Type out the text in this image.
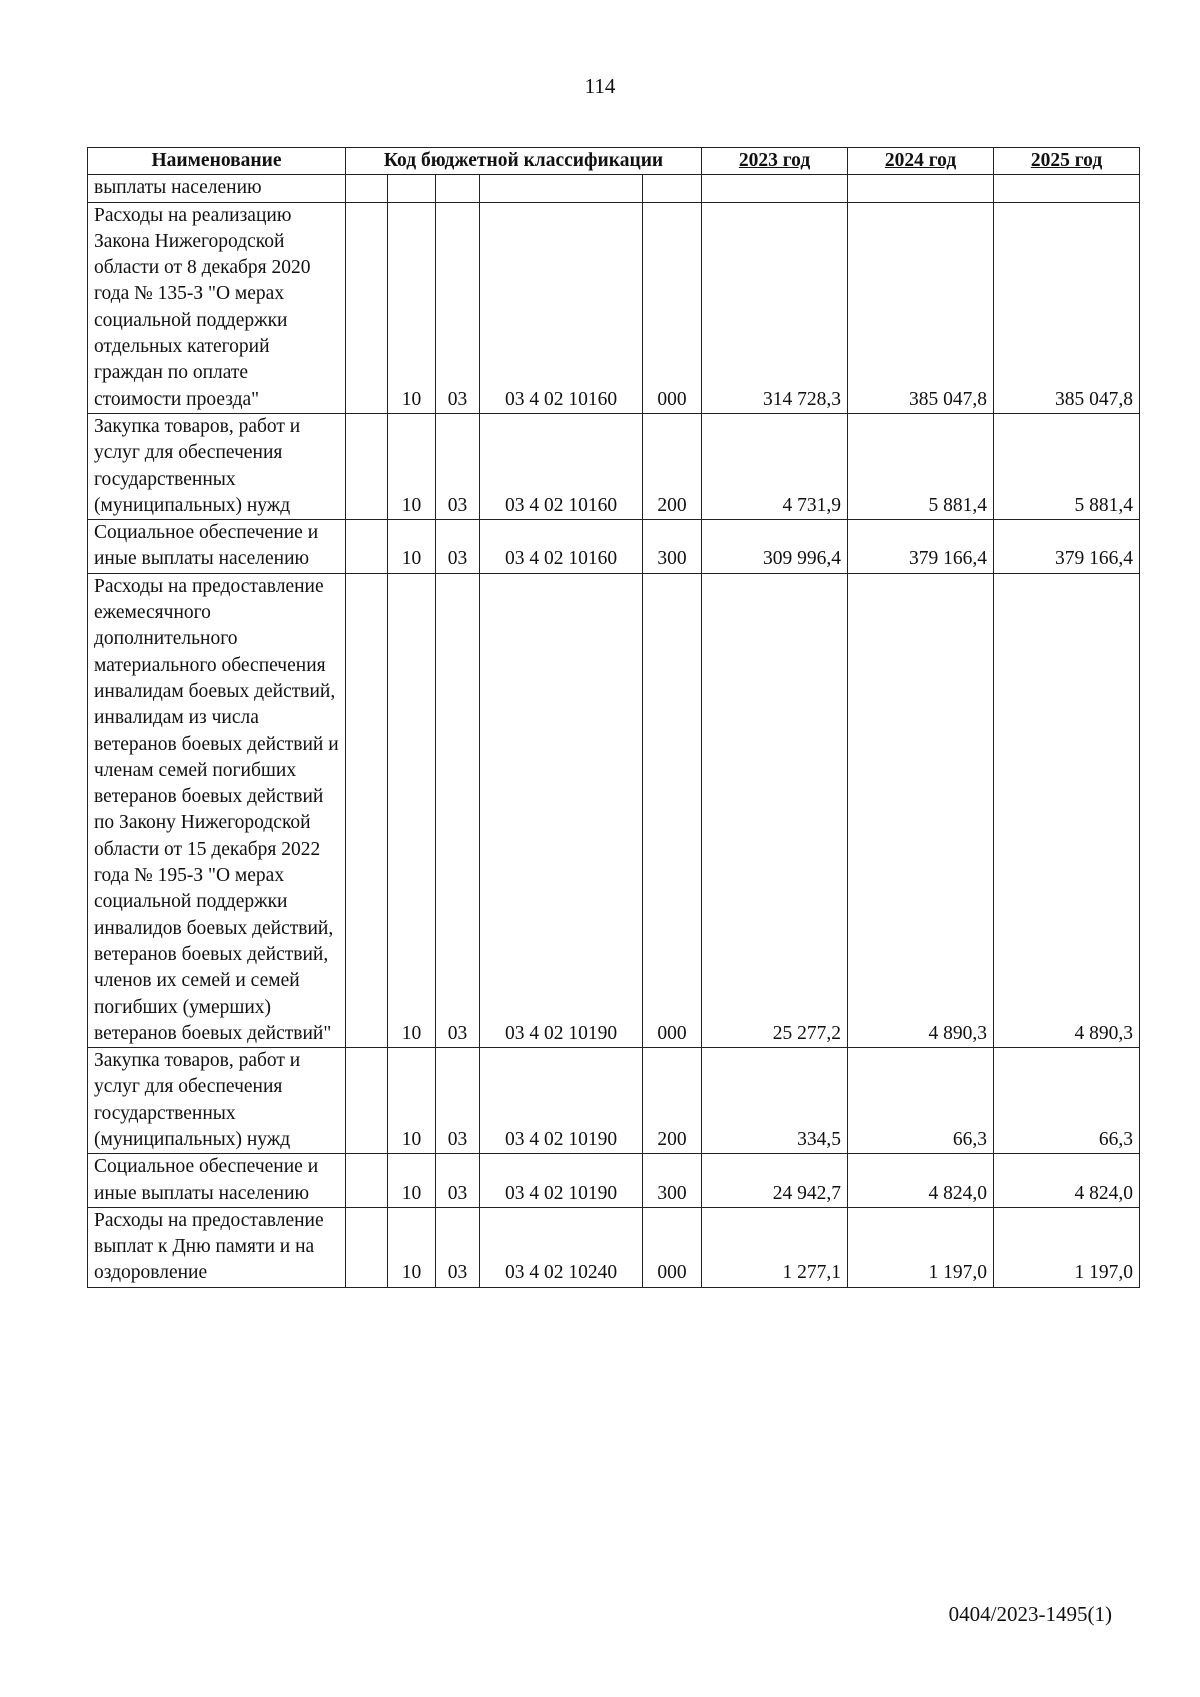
114
Наименование	Код бюджетной классификации					2023 год	2024 год	2025 год
выплаты населению								
Расходы на реализацию Закона Нижегородской области от 8 декабря 2020 года № 135-З "О мерах социальной поддержки отдельных категорий граждан по оплате стоимости проезда"		10	03	03 4 02 10160	000	314 728,3	385 047,8	385 047,8
Закупка товаров, работ и услуг для обеспечения государственных (муниципальных) нужд		10	03	03 4 02 10160	200	4 731,9	5 881,4	5 881,4
Социальное обеспечение и иные выплаты населению		10	03	03 4 02 10160	300	309 996,4	379 166,4	379 166,4
Расходы на предоставление ежемесячного дополнительного материального обеспечения инвалидам боевых действий, инвалидам из числа ветеранов боевых действий и членам семей погибших ветеранов боевых действий по Закону Нижегородской области от 15 декабря 2022 года № 195-З "О мерах социальной поддержки инвалидов боевых действий, ветеранов боевых действий, членов их семей и семей погибших (умерших) ветеранов боевых действий"		10	03	03 4 02 10190	000	25 277,2	4 890,3	4 890,3
Закупка товаров, работ и услуг для обеспечения государственных (муниципальных) нужд		10	03	03 4 02 10190	200	334,5	66,3	66,3
Социальное обеспечение и иные выплаты населению		10	03	03 4 02 10190	300	24 942,7	4 824,0	4 824,0
Расходы на предоставление выплат к Дню памяти и на оздоровление		10	03	03 4 02 10240	000	1 277,1	1 197,0	1 197,0
0404/2023-1495(1)
